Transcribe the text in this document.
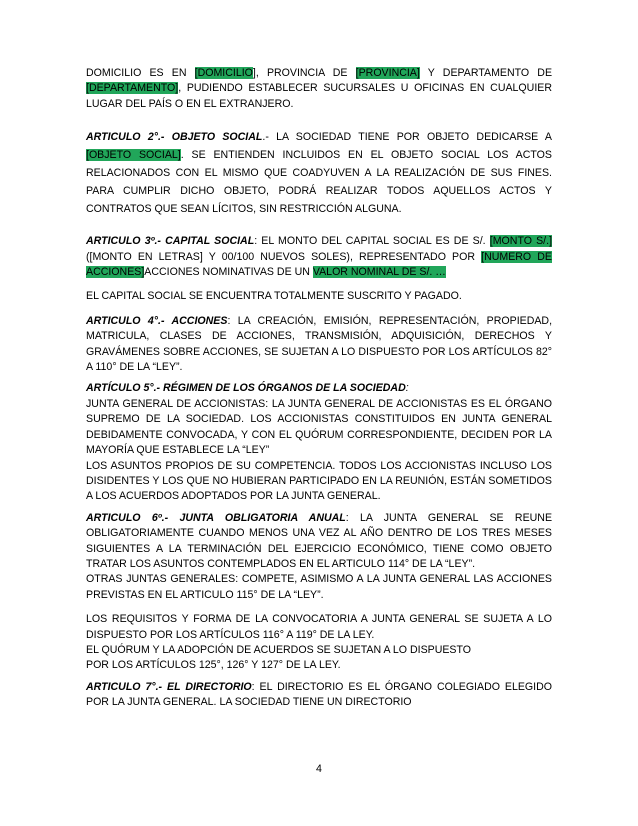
DOMICILIO ES EN [DOMICILIO], PROVINCIA DE [PROVINCIA] Y DEPARTAMENTO DE [DEPARTAMENTO], PUDIENDO ESTABLECER SUCURSALES U OFICINAS EN CUALQUIER LUGAR DEL PAÍS O EN EL EXTRANJERO.

ARTICULO 2°.- OBJETO SOCIAL.- LA SOCIEDAD TIENE POR OBJETO DEDICARSE A [OBJETO SOCIAL]. SE ENTIENDEN INCLUIDOS EN EL OBJETO SOCIAL LOS ACTOS RELACIONADOS CON EL MISMO QUE COADYUVEN A LA REALIZACIÓN DE SUS FINES. PARA CUMPLIR DICHO OBJETO, PODRÁ REALIZAR TODOS AQUELLOS ACTOS Y CONTRATOS QUE SEAN LÍCITOS, SIN RESTRICCIÓN ALGUNA.

ARTICULO 3º.- CAPITAL SOCIAL: EL MONTO DEL CAPITAL SOCIAL ES DE S/. [MONTO S/.] ([MONTO EN LETRAS] Y 00/100 NUEVOS SOLES), REPRESENTADO POR [NUMERO DE ACCIONES]ACCIONES NOMINATIVAS DE UN VALOR NOMINAL DE S/. …

EL CAPITAL SOCIAL SE ENCUENTRA TOTALMENTE SUSCRITO Y PAGADO.

ARTICULO 4°.- ACCIONES: LA CREACIÓN, EMISIÓN, REPRESENTACIÓN, PROPIEDAD, MATRICULA, CLASES DE ACCIONES, TRANSMISIÓN, ADQUISICIÓN, DERECHOS Y GRAVÁMENES SOBRE ACCIONES, SE SUJETAN A LO DISPUESTO POR LOS ARTÍCULOS 82° A 110° DE LA “LEY”.

ARTÍCULO 5°.- RÉGIMEN DE LOS ÓRGANOS DE LA SOCIEDAD:

JUNTA GENERAL DE ACCIONISTAS: LA JUNTA GENERAL DE ACCIONISTAS ES EL ÓRGANO SUPREMO DE LA SOCIEDAD. LOS ACCIONISTAS CONSTITUIDOS EN JUNTA GENERAL DEBIDAMENTE CONVOCADA, Y CON EL QUÓRUM CORRESPONDIENTE, DECIDEN POR LA MAYORÍA QUE ESTABLECE LA “LEY”

LOS ASUNTOS PROPIOS DE SU COMPETENCIA. TODOS LOS ACCIONISTAS INCLUSO LOS DISIDENTES Y LOS QUE NO HUBIERAN PARTICIPADO EN LA REUNIÓN, ESTÁN SOMETIDOS A LOS ACUERDOS ADOPTADOS POR LA JUNTA GENERAL.

ARTICULO 6º.- JUNTA OBLIGATORIA ANUAL: LA JUNTA GENERAL SE REUNE OBLIGATORIAMENTE CUANDO MENOS UNA VEZ AL AÑO DENTRO DE LOS TRES MESES SIGUIENTES A LA TERMINACIÓN DEL EJERCICIO ECONÓMICO, TIENE COMO OBJETO TRATAR LOS ASUNTOS CONTEMPLADOS EN EL ARTICULO 114° DE LA “LEY”.

OTRAS JUNTAS GENERALES: COMPETE, ASIMISMO A LA JUNTA GENERAL LAS ACCIONES PREVISTAS EN EL ARTICULO 115° DE LA “LEY”.

LOS REQUISITOS Y FORMA DE LA CONVOCATORIA A JUNTA GENERAL SE SUJETA A LO DISPUESTO POR LOS ARTÍCULOS 116° A 119° DE LA LEY.

EL QUÓRUM Y LA ADOPCIÓN DE ACUERDOS SE SUJETAN A LO DISPUESTO

POR LOS ARTÍCULOS 125°, 126° Y 127° DE LA LEY.

ARTICULO 7°.- EL DIRECTORIO: EL DIRECTORIO ES EL ÓRGANO COLEGIADO ELEGIDO POR LA JUNTA GENERAL. LA SOCIEDAD TIENE UN DIRECTORIO

4
